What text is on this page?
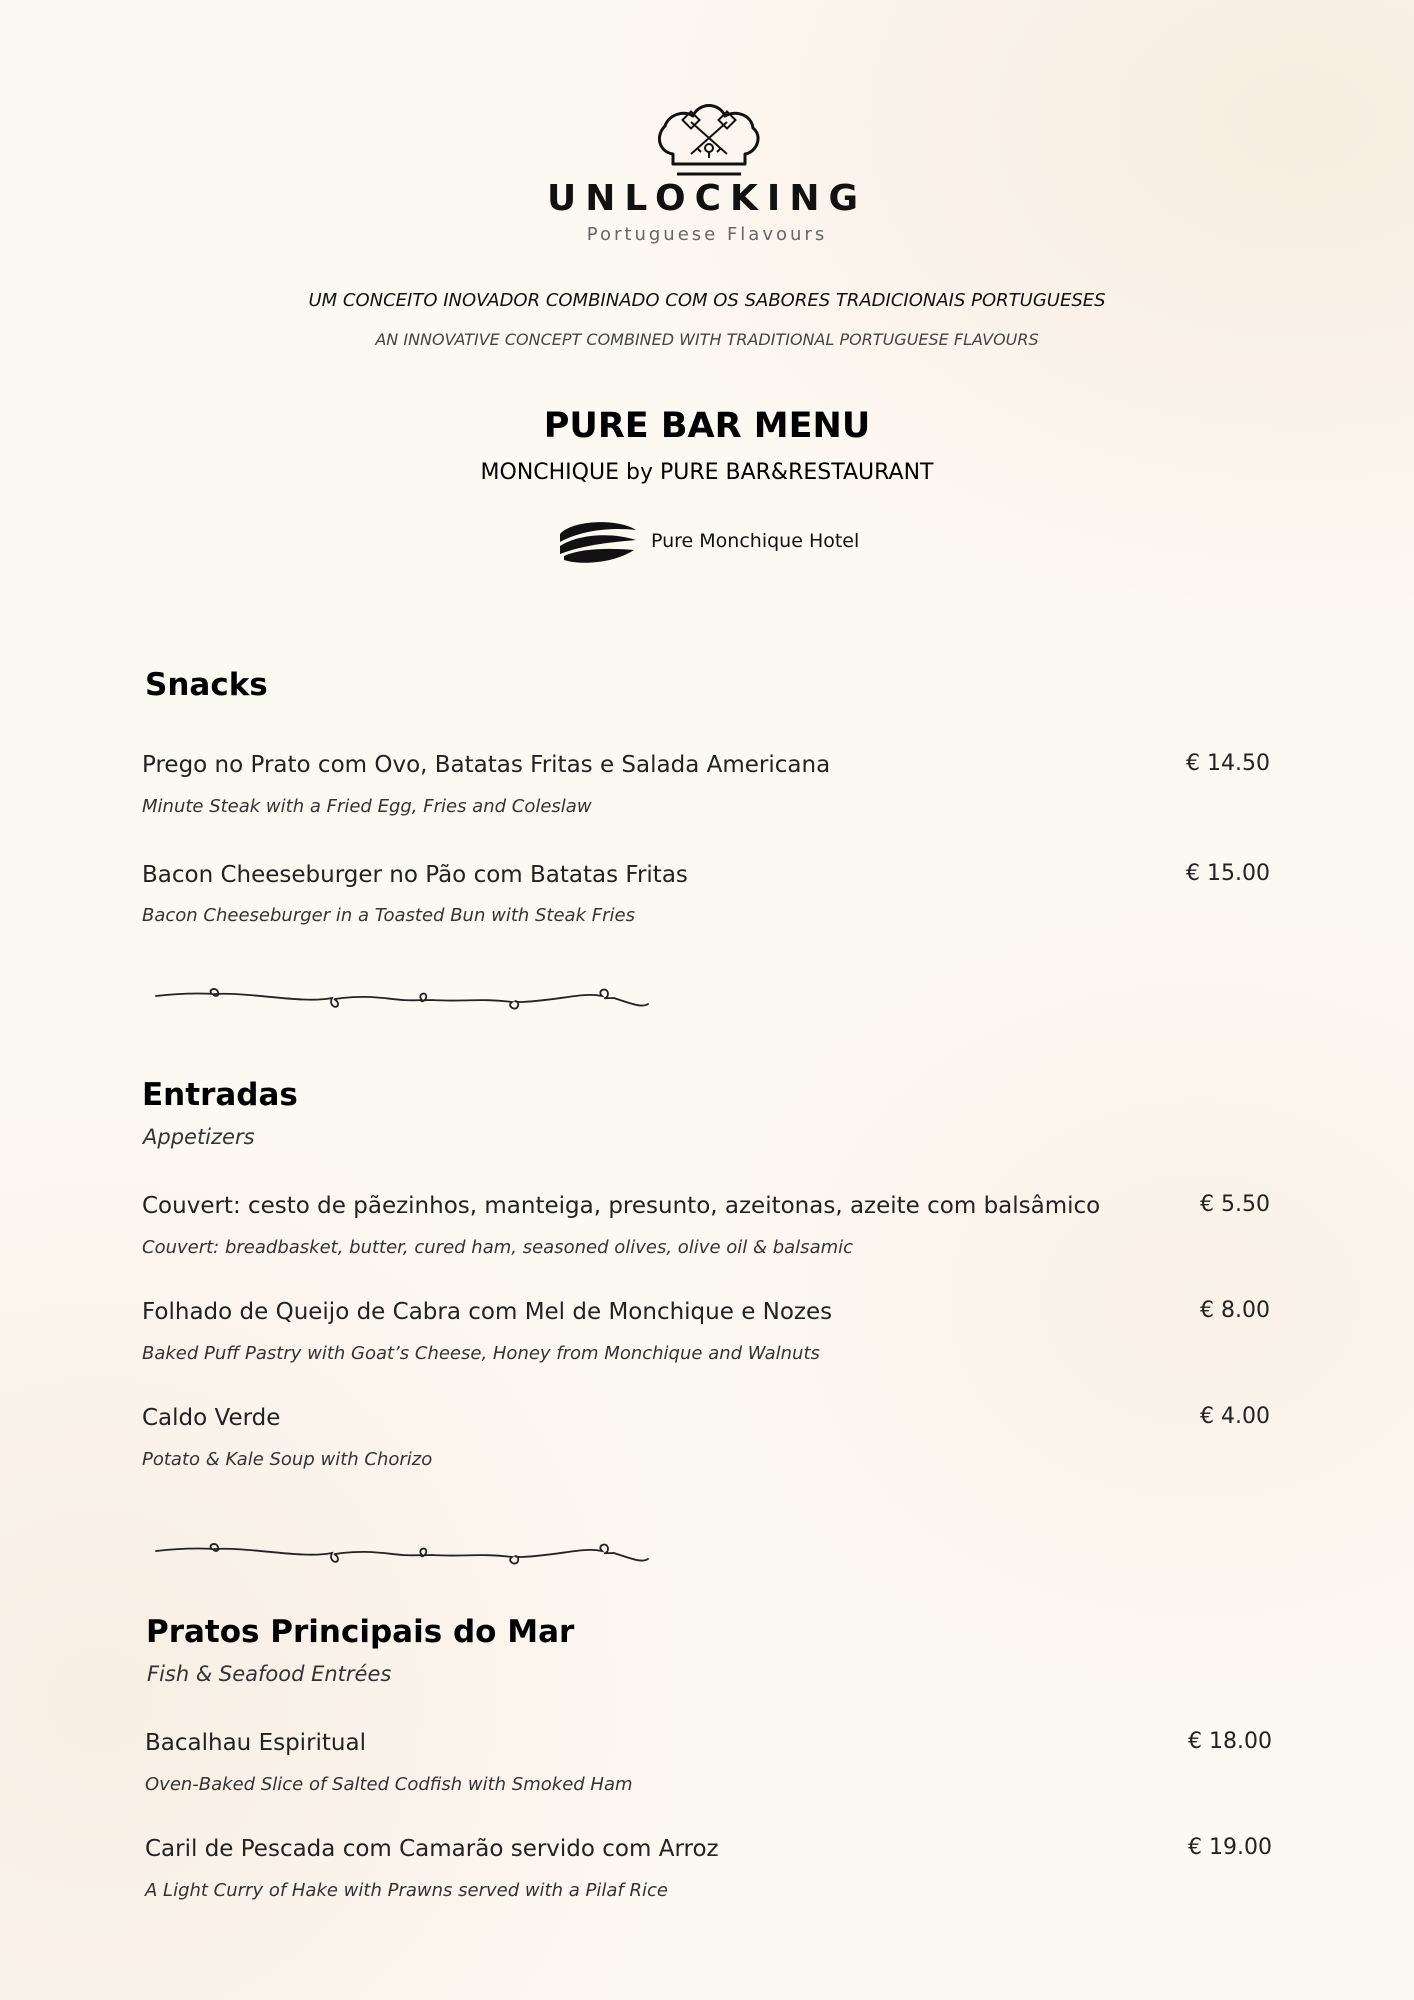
UNLOCKING
Portuguese Flavours
UM CONCEITO INOVADOR COMBINADO COM OS SABORES TRADICIONAIS PORTUGUESES
AN INNOVATIVE CONCEPT COMBINED WITH TRADITIONAL PORTUGUESE FLAVOURS
PURE BAR MENU
MONCHIQUE by PURE BAR&RESTAURANT
Pure Monchique Hotel
Snacks
Prego no Prato com Ovo, Batatas Fritas e Salada Americana	€ 14.50
Minute Steak with a Fried Egg, Fries and Coleslaw
Bacon Cheeseburger no Pão com Batatas Fritas	€ 15.00
Bacon Cheeseburger in a Toasted Bun with Steak Fries
Entradas
Appetizers
Couvert: cesto de pãezinhos, manteiga, presunto, azeitonas, azeite com balsâmico	€ 5.50
Couvert: breadbasket, butter, cured ham, seasoned olives, olive oil & balsamic
Folhado de Queijo de Cabra com Mel de Monchique e Nozes	€ 8.00
Baked Puff Pastry with Goat’s Cheese, Honey from Monchique and Walnuts
Caldo Verde	€ 4.00
Potato & Kale Soup with Chorizo
Pratos Principais do Mar
Fish & Seafood Entrées
Bacalhau Espiritual	€ 18.00
Oven-Baked Slice of Salted Codfish with Smoked Ham
Caril de Pescada com Camarão servido com Arroz	€ 19.00
A Light Curry of Hake with Prawns served with a Pilaf Rice
